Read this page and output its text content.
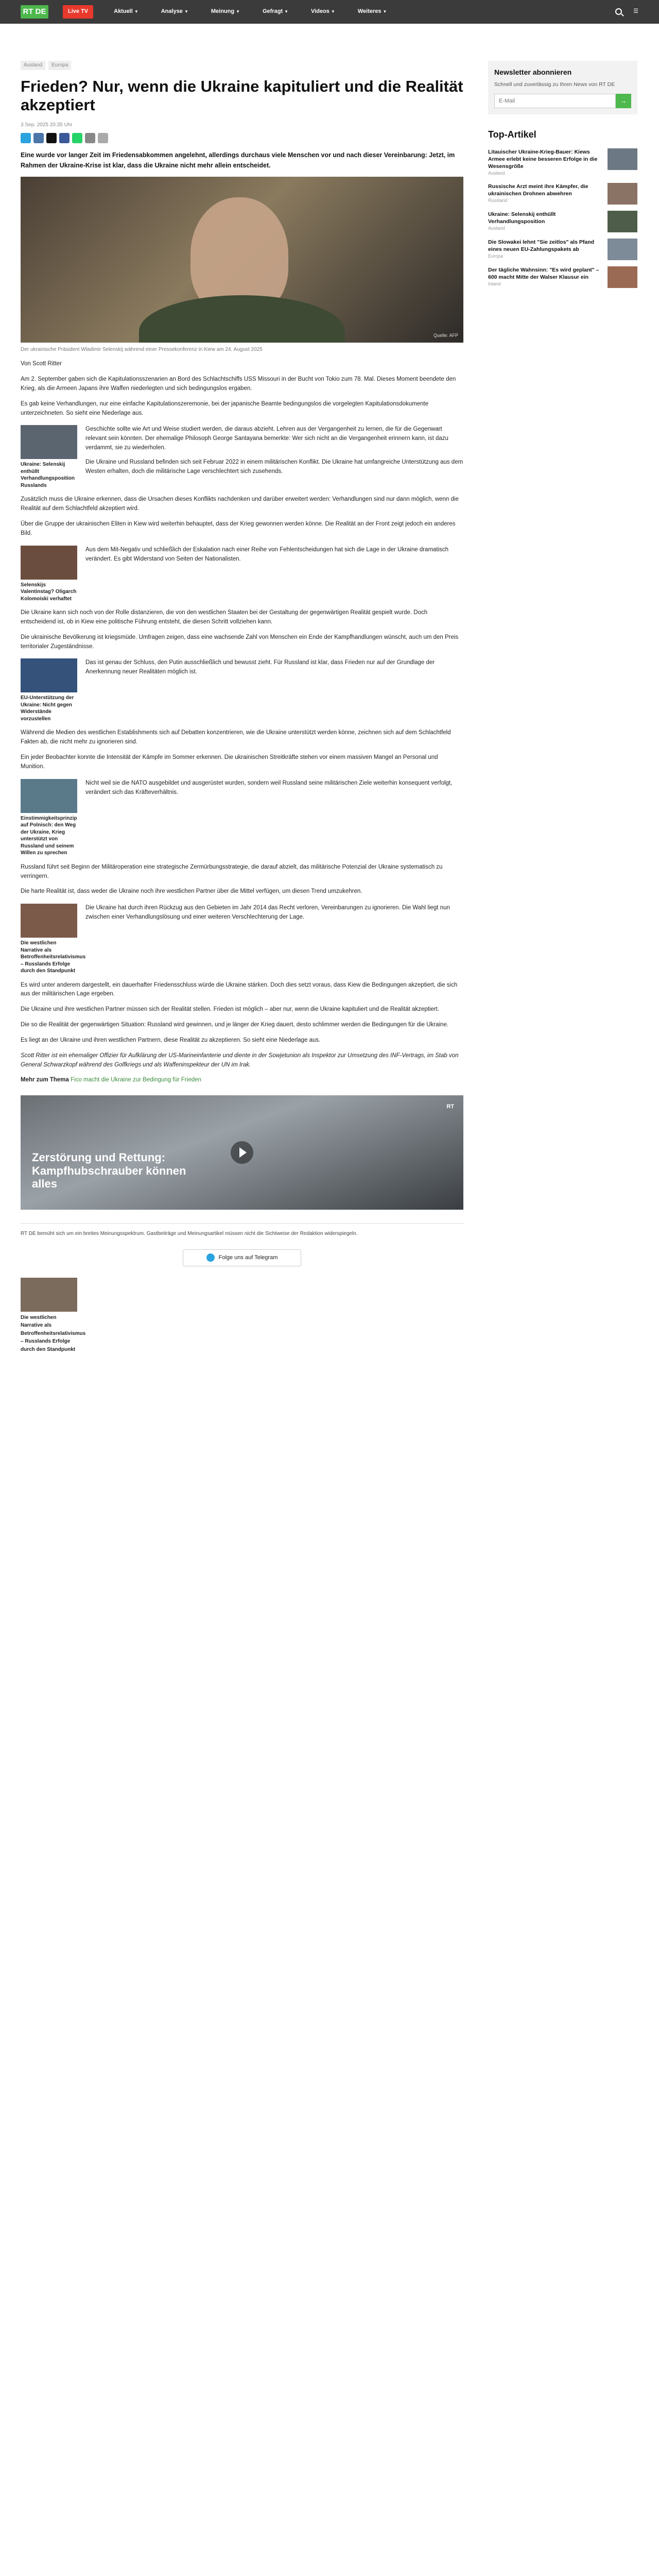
RT DE	Live TV	Aktuell ▼	Analyse ▼	Meinung ▼	Gefragt ▼	Videos ▼	Weiteres ▼	☰
Ausland	Europa
Frieden? Nur, wenn die Ukraine kapituliert und die Realität akzeptiert
3 Sep. 2025 20:35 Uhr

Eine wurde vor langer Zeit im Friedensabkommen angelehnt, allerdings durchaus viele Menschen vor und nach dieser Vereinbarung: Jetzt, im Rahmen der Ukraine-Krise ist klar, dass die Ukraine nicht mehr allein entscheidet.

Quelle: AFP
Der ukrainische Präsident Wladimir Selenskij während einer Pressekonferenz in Kiew am 24. August 2025

Von Scott Ritter

Am 2. September gaben sich die Kapitulationsszenarien an Bord des Schlachtschiffs USS Missouri in der Bucht von Tokio zum 78. Mal. Dieses Moment beendete den Krieg, als die Armeen Japans ihre Waffen niederlegten und sich bedingungslos ergaben.

Es gab keine Verhandlungen, nur eine einfache Kapitulationszeremonie, bei der japanische Beamte bedingungslos die vorgelegten Kapitulationsdokumente unterzeichneten. So sieht eine Niederlage aus.

Ukraine: Selenskij enthüllt Verhandlungsposition Russlands

Geschichte sollte wie Art und Weise studiert werden, die daraus abzieht. Lehren aus der Vergangenheit zu lernen, die für die Gegenwart relevant sein könnten. Der ehemalige Philosoph George Santayana bemerkte: Wer sich nicht an die Vergangenheit erinnern kann, ist dazu verdammt, sie zu wiederholen.

Die Ukraine und Russland befinden sich seit Februar 2022 in einem militärischen Konflikt. Die Ukraine hat umfangreiche Unterstützung aus dem Westen erhalten, doch die militärische Lage verschlechtert sich zusehends.

Zusätzlich muss die Ukraine erkennen, dass die Ursachen dieses Konflikts nachdenken und darüber erweitert werden: Verhandlungen sind nur dann möglich, wenn die Realität auf dem Schlachtfeld akzeptiert wird.

Über die Gruppe der ukrainischen Eliten in Kiew wird weiterhin behauptet, dass der Krieg gewonnen werden könne. Die Realität an der Front zeigt jedoch ein anderes Bild.

Selenskijs Valentinstag? Oligarch Kolomoiski verhaftet

Aus dem Mit-Negativ und schließlich der Eskalation nach einer Reihe von Fehlentscheidungen hat sich die Lage in der Ukraine dramatisch verändert. Es gibt Widerstand von Seiten der Nationalisten.

Die Ukraine kann sich noch von der Rolle distanzieren, die von den westlichen Staaten bei der Gestaltung der gegenwärtigen Realität gespielt wurde. Doch entscheidend ist, ob in Kiew eine politische Führung entsteht, die diesen Schritt vollziehen kann.

Die ukrainische Bevölkerung ist kriegsmüde. Umfragen zeigen, dass eine wachsende Zahl von Menschen ein Ende der Kampfhandlungen wünscht, auch um den Preis territorialer Zugeständnisse.

EU-Unterstützung der Ukraine: Nicht gegen Widerstände vorzustellen

Das ist genau der Schluss, den Putin ausschließlich und bewusst zieht. Für Russland ist klar, dass Frieden nur auf der Grundlage der Anerkennung neuer Realitäten möglich ist.

Während die Medien des westlichen Establishments sich auf Debatten konzentrieren, wie die Ukraine unterstützt werden könne, zeichnen sich auf dem Schlachtfeld Fakten ab, die nicht mehr zu ignorieren sind.

Ein jeder Beobachter konnte die Intensität der Kämpfe im Sommer erkennen. Die ukrainischen Streitkräfte stehen vor einem massiven Mangel an Personal und Munition.

Einstimmigkeitsprinzip auf Polnisch: den Weg der Ukraine, Krieg unterstützt von Russland und seinem Willen zu sprechen

Nicht weil sie die NATO ausgebildet und ausgerüstet wurden, sondern weil Russland seine militärischen Ziele weiterhin konsequent verfolgt, verändert sich das Kräfteverhältnis.

Russland führt seit Beginn der Militäroperation eine strategische Zermürbungsstrategie, die darauf abzielt, das militärische Potenzial der Ukraine systematisch zu verringern.

Die harte Realität ist, dass weder die Ukraine noch ihre westlichen Partner über die Mittel verfügen, um diesen Trend umzukehren.

Die westlichen Narrative als Betroffenheitsrelativismus – Russlands Erfolge durch den Standpunkt

Die Ukraine hat durch ihren Rückzug aus den Gebieten im Jahr 2014 das Recht verloren, Vereinbarungen zu ignorieren. Die Wahl liegt nun zwischen einer Verhandlungslösung und einer weiteren Verschlechterung der Lage.

Es wird unter anderem dargestellt, ein dauerhafter Friedensschluss würde die Ukraine stärken. Doch dies setzt voraus, dass Kiew die Bedingungen akzeptiert, die sich aus der militärischen Lage ergeben.

Die Ukraine und ihre westlichen Partner müssen sich der Realität stellen. Frieden ist möglich – aber nur, wenn die Ukraine kapituliert und die Realität akzeptiert.

Die so die Realität der gegenwärtigen Situation: Russland wird gewinnen, und je länger der Krieg dauert, desto schlimmer werden die Bedingungen für die Ukraine.

Es liegt an der Ukraine und ihren westlichen Partnern, diese Realität zu akzeptieren. So sieht eine Niederlage aus.

Scott Ritter ist ein ehemaliger Offizier für Aufklärung der US-Marineinfanterie und diente in der Sowjetunion als Inspektor zur Umsetzung des INF-Vertrags, im Stab von General Schwarzkopf während des Golfkriegs und als Waffeninspekteur der UN im Irak.

Mehr zum Thema Fico macht die Ukraine zur Bedingung für Frieden

RT
Zerstörung und Rettung: Kampfhubschrauber können alles
RT DE bemüht sich um ein breites Meinungsspektrum. Gastbeiträge und Meinungsartikel müssen nicht die Sichtweise der Redaktion widerspiegeln.
Folge uns auf Telegram
Die westlichen Narrative als Betroffenheitsrelativismus – Russlands Erfolge durch den Standpunkt
Newsletter abonnieren
Schnell und zuverlässig zu Ihren News von RT DE
E-Mail
→
Top-Artikel
Litauischer Ukraine-Krieg-Bauer: Kiews Armee erlebt keine besseren Erfolge in die Wesensgröße
Ausland
Russische Arzt meint ihre Kämpfer, die ukrainischen Drohnen abwehren
Russland
Ukraine: Selenskij enthüllt Verhandlungsposition
Ausland
Die Slowakei lehnt "Sie zeitlos" als Pfand eines neuen EU-Zahlungspakets ab
Europa
Der tägliche Wahnsinn: "Es wird geplant" – 600 macht Mitte der Walser Klausur ein
Inland
